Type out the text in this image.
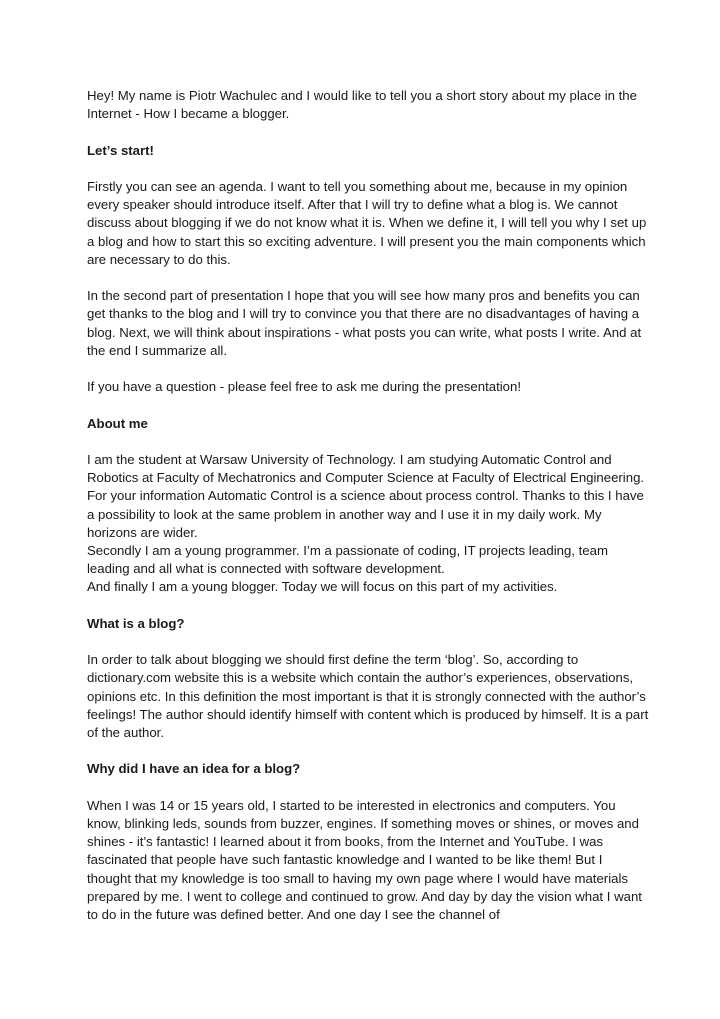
Hey! My name is Piotr Wachulec and I would like to tell you a short story about my place in the Internet - How I became a blogger.

Let’s start!

Firstly you can see an agenda. I want to tell you something about me, because in my opinion every speaker should introduce itself. After that I will try to define what a blog is. We cannot discuss about blogging if we do not know what it is. When we define it, I will tell you why I set up a blog and how to start this so exciting adventure. I will present you the main components which are necessary to do this.

In the second part of presentation I hope that you will see how many pros and benefits you can get thanks to the blog and I will try to convince you that there are no disadvantages of having a blog. Next, we will think about inspirations - what posts you can write, what posts I write. And at the end I summarize all.

If you have a question - please feel free to ask me during the presentation!

About me

I am the student at Warsaw University of Technology. I am studying Automatic Control and Robotics at Faculty of Mechatronics and Computer Science at Faculty of Electrical Engineering. For your information Automatic Control is a science about process control. Thanks to this I have a possibility to look at the same problem in another way and I use it in my daily work. My horizons are wider.
Secondly I am a young programmer. I’m a passionate of coding, IT projects leading, team leading and all what is connected with software development.
And finally I am a young blogger. Today we will focus on this part of my activities.

What is a blog?

In order to talk about blogging we should first define the term ‘blog’. So, according to dictionary.com website this is a website which contain the author’s experiences, observations, opinions etc. In this definition the most important is that it is strongly connected with the author’s feelings! The author should identify himself with content which is produced by himself. It is a part of the author.

Why did I have an idea for a blog?

When I was 14 or 15 years old, I started to be interested in electronics and computers. You know, blinking leds, sounds from buzzer, engines. If something moves or shines, or moves and shines - it’s fantastic! I learned about it from books, from the Internet and YouTube. I was fascinated that people have such fantastic knowledge and I wanted to be like them! But I thought that my knowledge is too small to having my own page where I would have materials prepared by me. I went to college and continued to grow. And day by day the vision what I want to do in the future was defined better. And one day I see the channel of
